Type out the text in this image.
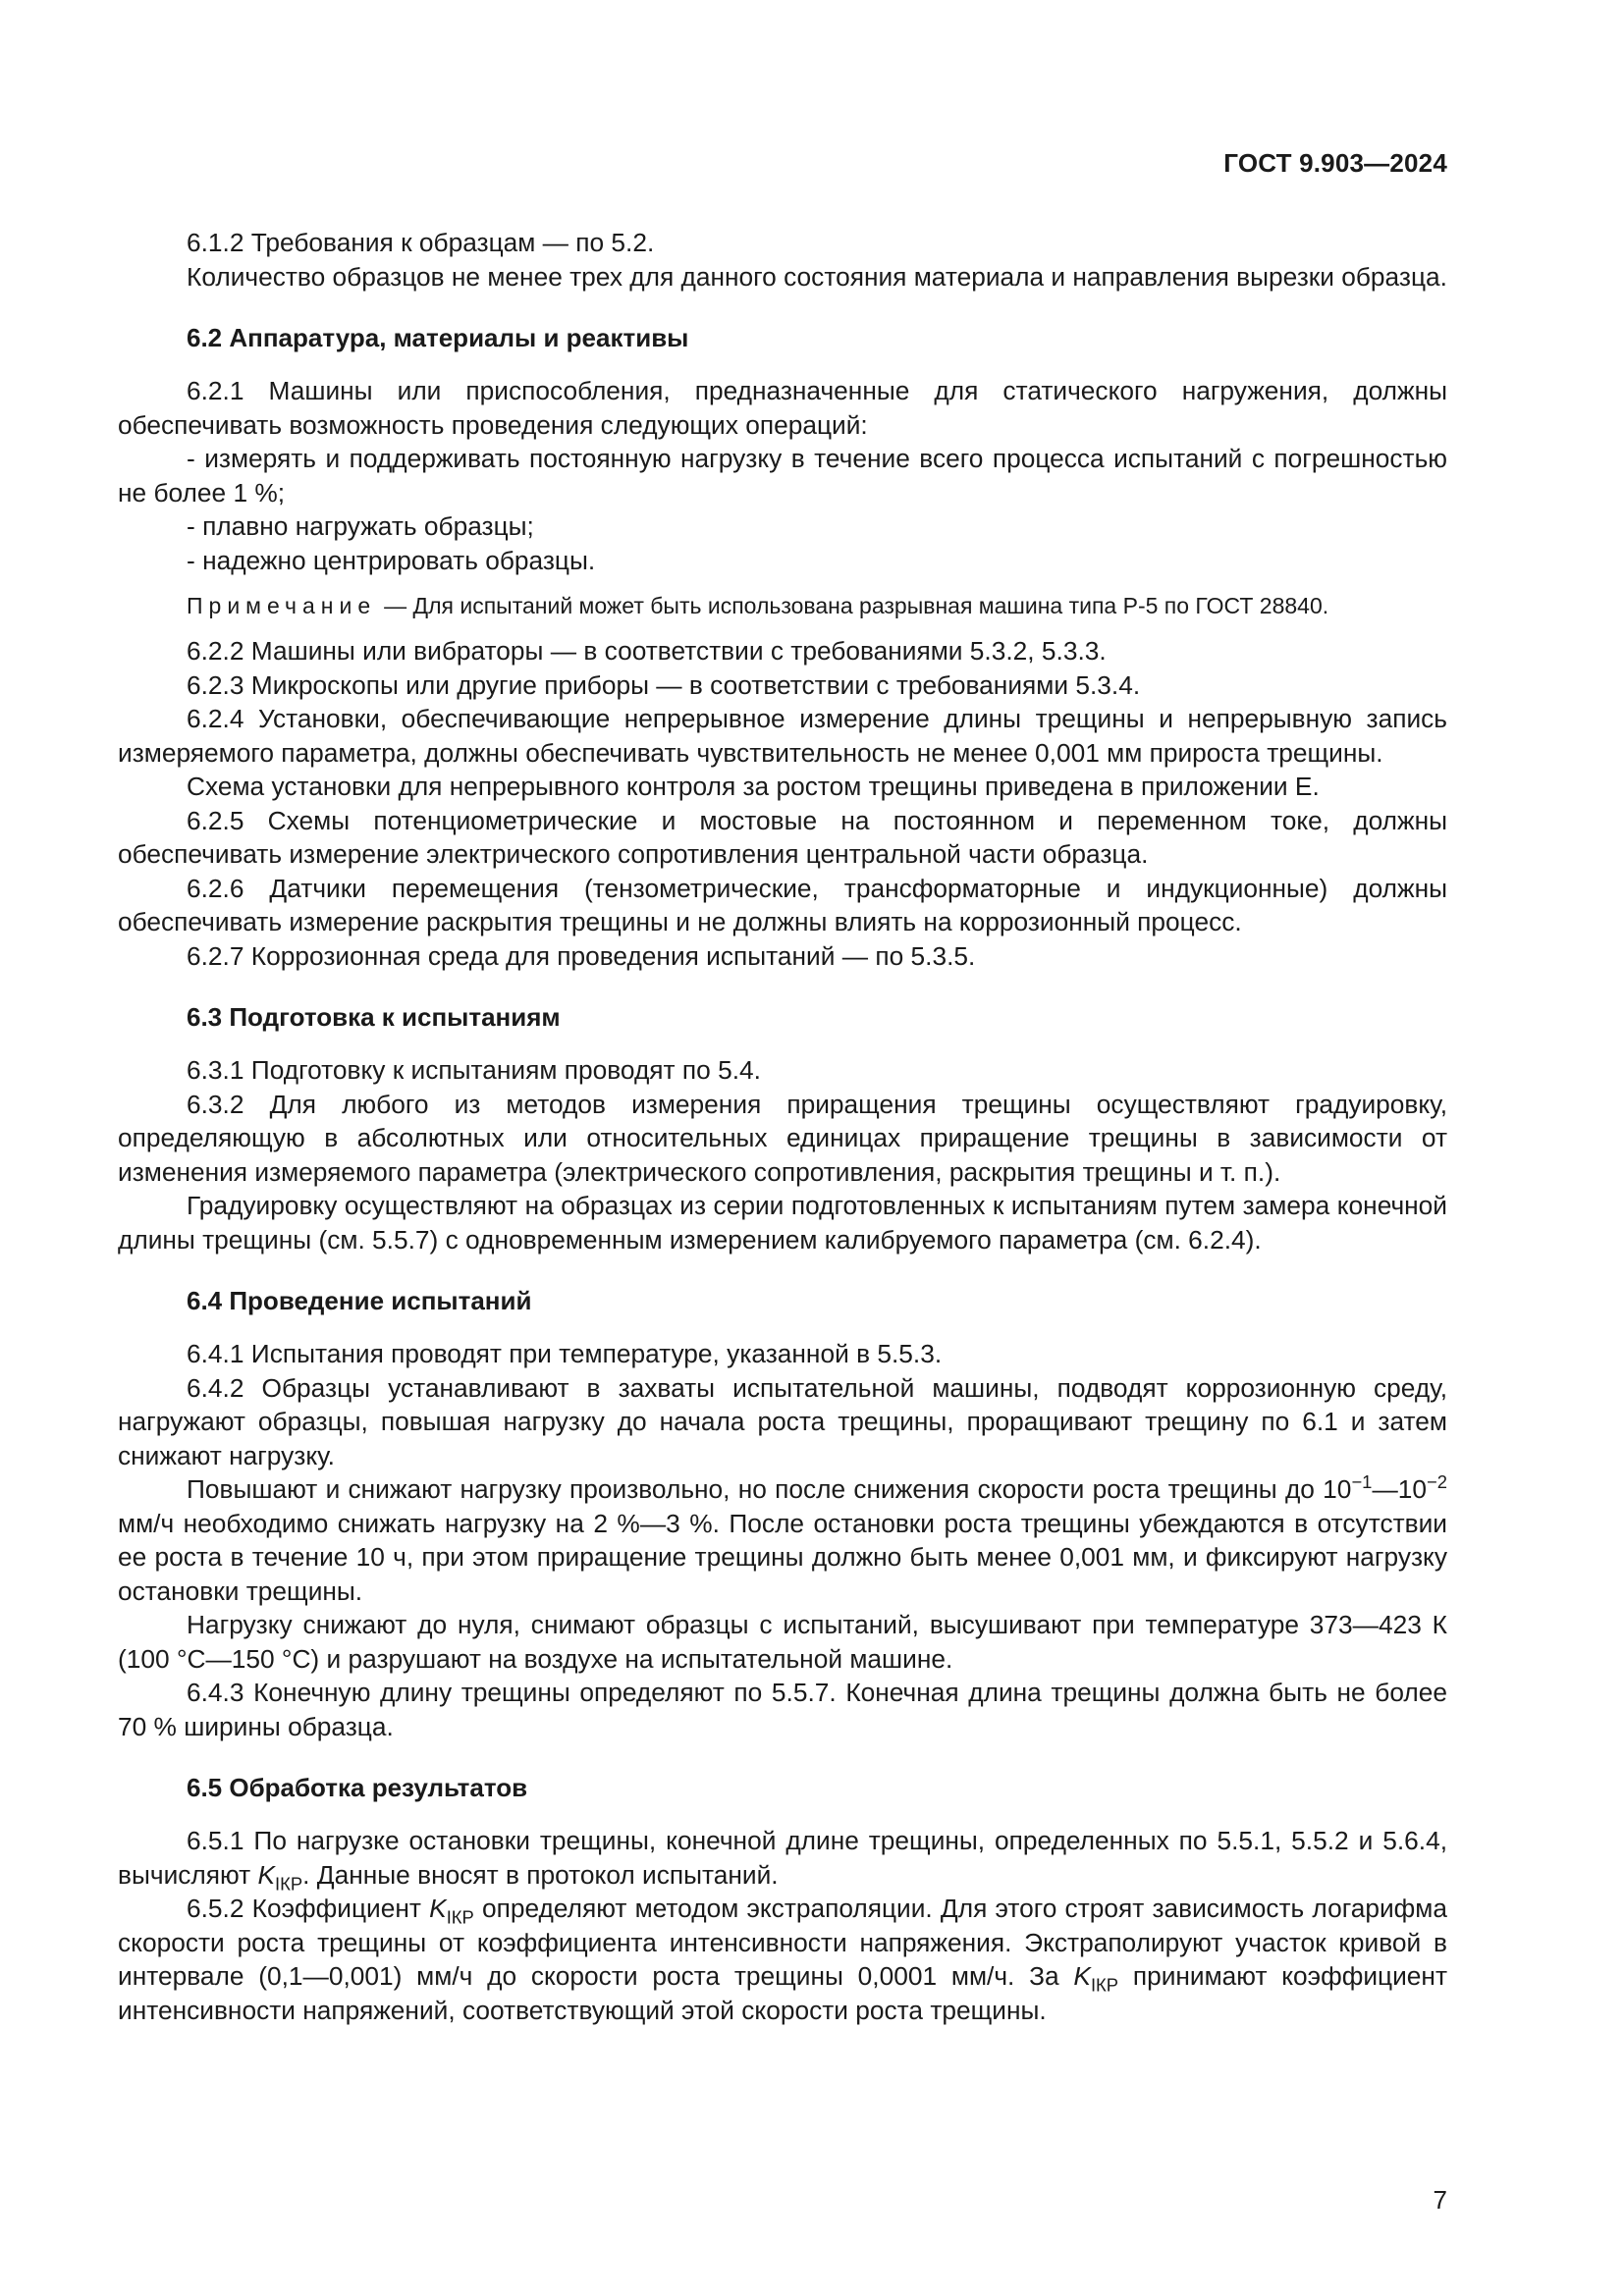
ГОСТ 9.903—2024

6.1.2 Требования к образцам — по 5.2.

Количество образцов не менее трех для данного состояния материала и направления вырезки образца.

6.2 Аппаратура, материалы и реактивы

6.2.1 Машины или приспособления, предназначенные для статического нагружения, должны обеспечивать возможность проведения следующих операций:

- измерять и поддерживать постоянную нагрузку в течение всего процесса испытаний с погрешностью не более 1 %;

- плавно нагружать образцы;

- надежно центрировать образцы.

Примечание — Для испытаний может быть использована разрывная машина типа Р-5 по ГОСТ 28840.

6.2.2 Машины или вибраторы — в соответствии с требованиями 5.3.2, 5.3.3.

6.2.3 Микроскопы или другие приборы — в соответствии с требованиями 5.3.4.

6.2.4 Установки, обеспечивающие непрерывное измерение длины трещины и непрерывную запись измеряемого параметра, должны обеспечивать чувствительность не менее 0,001 мм прироста трещины.

Схема установки для непрерывного контроля за ростом трещины приведена в приложении Е.

6.2.5 Схемы потенциометрические и мостовые на постоянном и переменном токе, должны обеспечивать измерение электрического сопротивления центральной части образца.

6.2.6 Датчики перемещения (тензометрические, трансформаторные и индукционные) должны обеспечивать измерение раскрытия трещины и не должны влиять на коррозионный процесс.

6.2.7 Коррозионная среда для проведения испытаний — по 5.3.5.

6.3 Подготовка к испытаниям

6.3.1 Подготовку к испытаниям проводят по 5.4.

6.3.2 Для любого из методов измерения приращения трещины осуществляют градуировку, определяющую в абсолютных или относительных единицах приращение трещины в зависимости от изменения измеряемого параметра (электрического сопротивления, раскрытия трещины и т. п.).

Градуировку осуществляют на образцах из серии подготовленных к испытаниям путем замера конечной длины трещины (см. 5.5.7) с одновременным измерением калибруемого параметра (см. 6.2.4).

6.4 Проведение испытаний

6.4.1 Испытания проводят при температуре, указанной в 5.5.3.

6.4.2 Образцы устанавливают в захваты испытательной машины, подводят коррозионную среду, нагружают образцы, повышая нагрузку до начала роста трещины, проращивают трещину по 6.1 и затем снижают нагрузку.

Повышают и снижают нагрузку произвольно, но после снижения скорости роста трещины до $10^{-1}—10^{-2}$ мм/ч необходимо снижать нагрузку на 2 %—3 %. После остановки роста трещины убеждаются в отсутствии ее роста в течение 10 ч, при этом приращение трещины должно быть менее 0,001 мм, и фиксируют нагрузку остановки трещины.

Нагрузку снижают до нуля, снимают образцы с испытаний, высушивают при температуре 373—423 К (100 °С—150 °С) и разрушают на воздухе на испытательной машине.

6.4.3 Конечную длину трещины определяют по 5.5.7. Конечная длина трещины должна быть не более 70 % ширины образца.

6.5 Обработка результатов

6.5.1 По нагрузке остановки трещины, конечной длине трещины, определенных по 5.5.1, 5.5.2 и 5.6.4, вычисляют $K_{IКР}$. Данные вносят в протокол испытаний.

6.5.2 Коэффициент $K_{IКР}$ определяют методом экстраполяции. Для этого строят зависимость логарифма скорости роста трещины от коэффициента интенсивности напряжения. Экстраполируют участок кривой в интервале (0,1—0,001) мм/ч до скорости роста трещины 0,0001 мм/ч. За $K_{IКР}$ принимают коэффициент интенсивности напряжений, соответствующий этой скорости роста трещины.

7
